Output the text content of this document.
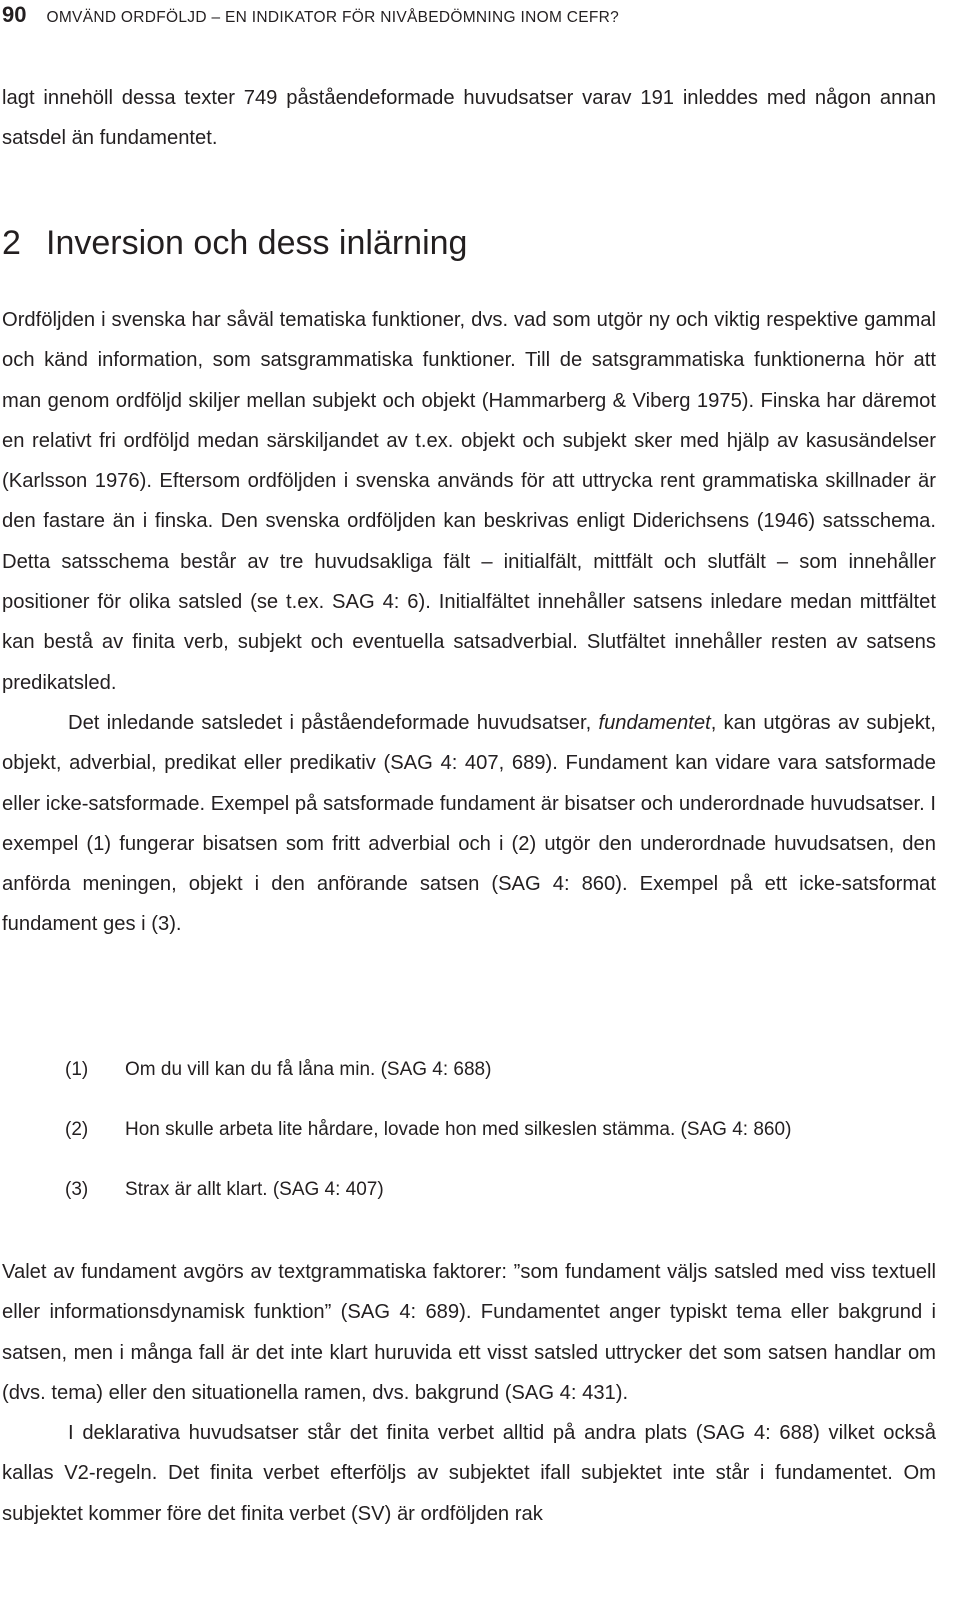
90 OMVÄND ORDFÖLJD – EN INDIKATOR FÖR NIVÅBEDÖMNING INOM CEFR?

lagt innehöll dessa texter 749 påståendeformade huvudsatser varav 191 inleddes med någon annan satsdel än fundamentet.

2 Inversion och dess inlärning

Ordföljden i svenska har såväl tematiska funktioner, dvs. vad som utgör ny och viktig respektive gammal och känd information, som satsgrammatiska funktioner. Till de satsgrammatiska funktionerna hör att man genom ordföljd skiljer mellan subjekt och objekt (Hammarberg & Viberg 1975). Finska har däremot en relativt fri ordföljd medan särskiljandet av t.ex. objekt och subjekt sker med hjälp av kasusändelser (Karlsson 1976). Eftersom ordföljden i svenska används för att uttrycka rent grammatiska skillnader är den fastare än i finska. Den svenska ordföljden kan beskrivas enligt Diderichsens (1946) satsschema. Detta satsschema består av tre huvudsakliga fält – initialfält, mittfält och slutfält – som innehåller positioner för olika satsled (se t.ex. SAG 4: 6). Initialfältet innehåller satsens inledare medan mittfältet kan bestå av finita verb, subjekt och eventuella satsadverbial. Slutfältet innehåller resten av satsens predikatsled.

Det inledande satsledet i påståendeformade huvudsatser, fundamentet, kan utgöras av subjekt, objekt, adverbial, predikat eller predikativ (SAG 4: 407, 689). Fundament kan vidare vara satsformade eller icke-satsformade. Exempel på satsformade fundament är bisatser och underordnade huvudsatser. I exempel (1) fungerar bisatsen som fritt adverbial och i (2) utgör den underordnade huvudsatsen, den anförda meningen, objekt i den anförande satsen (SAG 4: 860). Exempel på ett icke-satsformat fundament ges i (3).

(1)	Om du vill kan du få låna min. (SAG 4: 688)
(2)	Hon skulle arbeta lite hårdare, lovade hon med silkeslen stämma. (SAG 4: 860)
(3)	Strax är allt klart. (SAG 4: 407)

Valet av fundament avgörs av textgrammatiska faktorer: ”som fundament väljs satsled med viss textuell eller informationsdynamisk funktion” (SAG 4: 689). Fundamentet anger typiskt tema eller bakgrund i satsen, men i många fall är det inte klart huruvida ett visst satsled uttrycker det som satsen handlar om (dvs. tema) eller den situationella ramen, dvs. bakgrund (SAG 4: 431).

I deklarativa huvudsatser står det finita verbet alltid på andra plats (SAG 4: 688) vilket också kallas V2-regeln. Det finita verbet efterföljs av subjektet ifall subjektet inte står i fundamentet. Om subjektet kommer före det finita verbet (SV) är ordföljden rak
